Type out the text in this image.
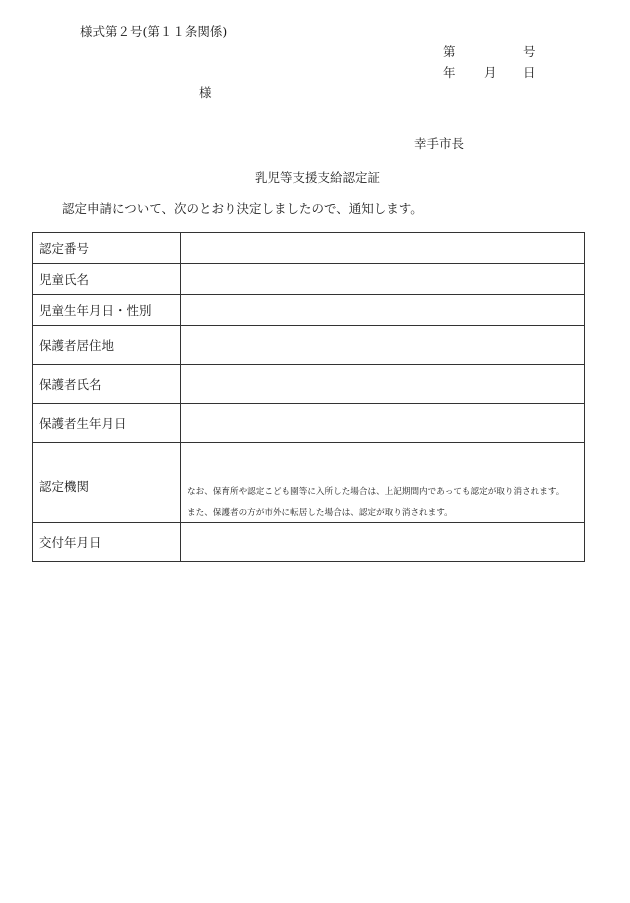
様式第２号(第１１条関係)
第	号
年 月 日
様
幸手市長
乳児等支援支給認定証
認定申請について、次のとおり決定しましたので、通知します。
認定番号	
児童氏名	
児童生年月日・性別	
保護者居住地	
保護者氏名	
保護者生年月日	

認定機関	なお、保育所や認定こども園等に入所した場合は、上記期間内であっても認定が取り消されます。
また、保護者の方が市外に転居した場合は、認定が取り消されます。

交付年月日	
